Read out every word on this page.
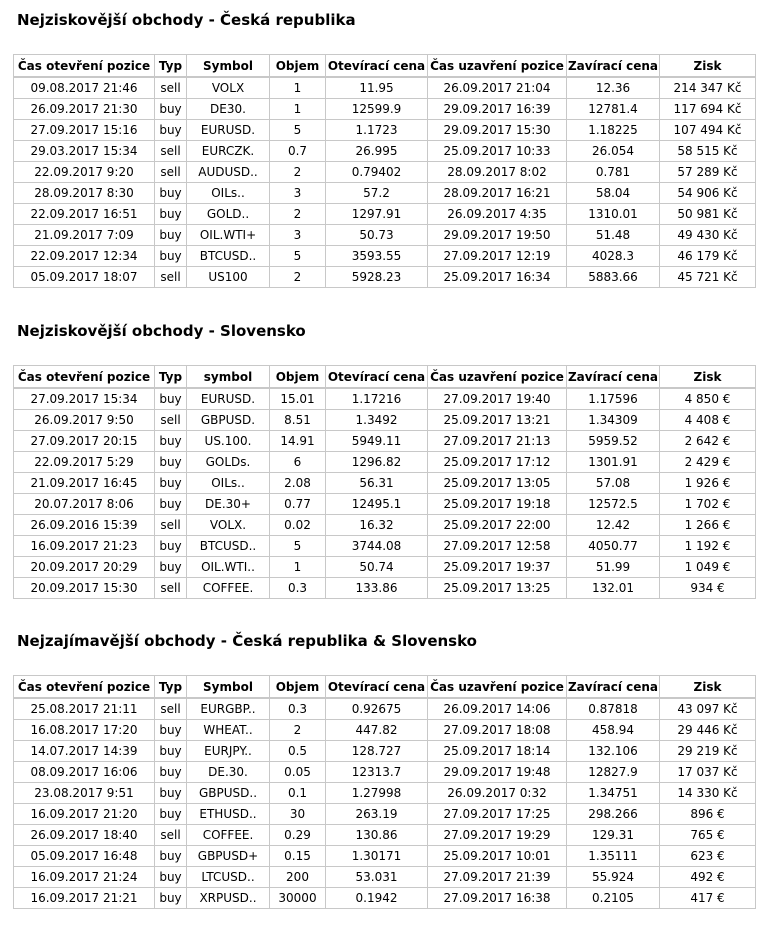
Nejziskovější obchody - Česká republika
Čas otevření pozice	Typ	Symbol	Objem	Otevírací cena	Čas uzavření pozice	Zavírací cena	Zisk
09.08.2017 21:46	sell	VOLX	1	11.95	26.09.2017 21:04	12.36	214 347 Kč
26.09.2017 21:30	buy	DE30.	1	12599.9	29.09.2017 16:39	12781.4	117 694 Kč
27.09.2017 15:16	buy	EURUSD.	5	1.1723	29.09.2017 15:30	1.18225	107 494 Kč
29.03.2017 15:34	sell	EURCZK.	0.7	26.995	25.09.2017 10:33	26.054	58 515 Kč
22.09.2017 9:20	sell	AUDUSD..	2	0.79402	28.09.2017 8:02	0.781	57 289 Kč
28.09.2017 8:30	buy	OILs..	3	57.2	28.09.2017 16:21	58.04	54 906 Kč
22.09.2017 16:51	buy	GOLD..	2	1297.91	26.09.2017 4:35	1310.01	50 981 Kč
21.09.2017 7:09	buy	OIL.WTI+	3	50.73	29.09.2017 19:50	51.48	49 430 Kč
22.09.2017 12:34	buy	BTCUSD..	5	3593.55	27.09.2017 12:19	4028.3	46 179 Kč
05.09.2017 18:07	sell	US100	2	5928.23	25.09.2017 16:34	5883.66	45 721 Kč
Nejziskovější obchody - Slovensko
Čas otevření pozice	Typ	symbol	Objem	Otevírací cena	Čas uzavření pozice	Zavírací cena	Zisk
27.09.2017 15:34	buy	EURUSD.	15.01	1.17216	27.09.2017 19:40	1.17596	4 850 €
26.09.2017 9:50	sell	GBPUSD.	8.51	1.3492	25.09.2017 13:21	1.34309	4 408 €
27.09.2017 20:15	buy	US.100.	14.91	5949.11	27.09.2017 21:13	5959.52	2 642 €
22.09.2017 5:29	buy	GOLDs.	6	1296.82	25.09.2017 17:12	1301.91	2 429 €
21.09.2017 16:45	buy	OILs..	2.08	56.31	25.09.2017 13:05	57.08	1 926 €
20.07.2017 8:06	buy	DE.30+	0.77	12495.1	25.09.2017 19:18	12572.5	1 702 €
26.09.2016 15:39	sell	VOLX.	0.02	16.32	25.09.2017 22:00	12.42	1 266 €
16.09.2017 21:23	buy	BTCUSD..	5	3744.08	27.09.2017 12:58	4050.77	1 192 €
20.09.2017 20:29	buy	OIL.WTI..	1	50.74	25.09.2017 19:37	51.99	1 049 €
20.09.2017 15:30	sell	COFFEE.	0.3	133.86	25.09.2017 13:25	132.01	934 €
Nejzajímavější obchody - Česká republika & Slovensko
Čas otevření pozice	Typ	Symbol	Objem	Otevírací cena	Čas uzavření pozice	Zavírací cena	Zisk
25.08.2017 21:11	sell	EURGBP..	0.3	0.92675	26.09.2017 14:06	0.87818	43 097 Kč
16.08.2017 17:20	buy	WHEAT..	2	447.82	27.09.2017 18:08	458.94	29 446 Kč
14.07.2017 14:39	buy	EURJPY..	0.5	128.727	25.09.2017 18:14	132.106	29 219 Kč
08.09.2017 16:06	buy	DE.30.	0.05	12313.7	29.09.2017 19:48	12827.9	17 037 Kč
23.08.2017 9:51	buy	GBPUSD..	0.1	1.27998	26.09.2017 0:32	1.34751	14 330 Kč
16.09.2017 21:20	buy	ETHUSD..	30	263.19	27.09.2017 17:25	298.266	896 €
26.09.2017 18:40	sell	COFFEE.	0.29	130.86	27.09.2017 19:29	129.31	765 €
05.09.2017 16:48	buy	GBPUSD+	0.15	1.30171	25.09.2017 10:01	1.35111	623 €
16.09.2017 21:24	buy	LTCUSD..	200	53.031	27.09.2017 21:39	55.924	492 €
16.09.2017 21:21	buy	XRPUSD..	30000	0.1942	27.09.2017 16:38	0.2105	417 €
